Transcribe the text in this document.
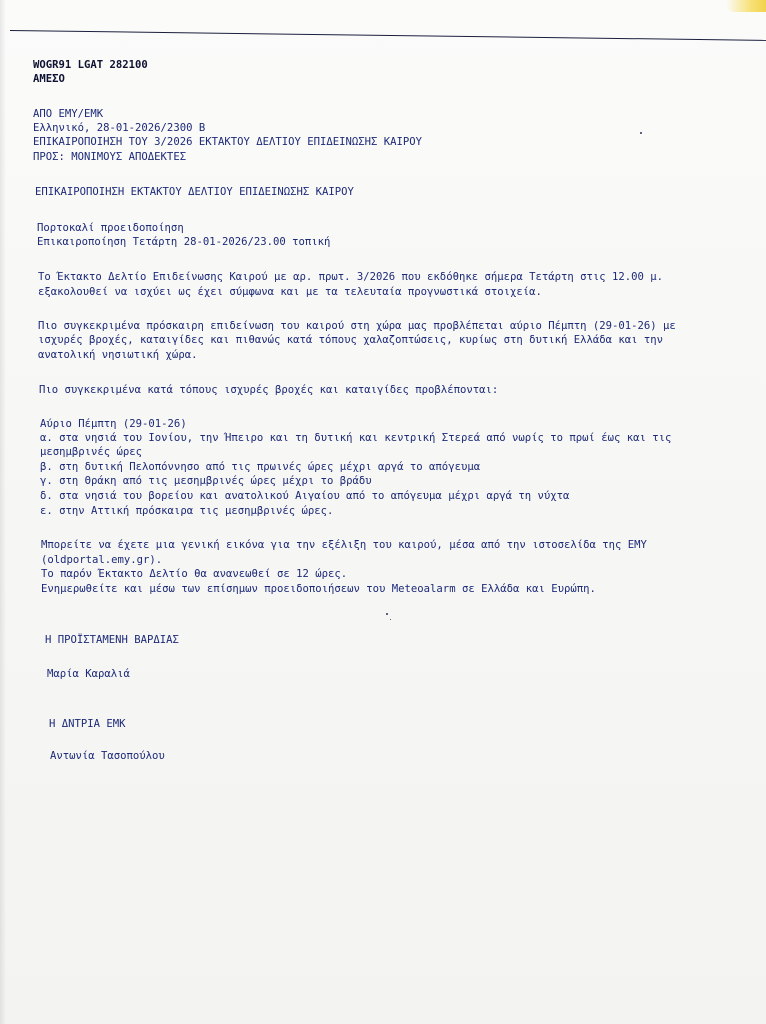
WOGR91 LGAT 282100
ΑΜΕΣΟ
ΑΠΟ ΕΜΥ/ΕΜΚ
Ελληνικό, 28-01-2026/2300 Β
ΕΠΙΚΑΙΡΟΠΟΙΗΣΗ ΤΟΥ 3/2026 ΕΚΤΑΚΤΟΥ ΔΕΛΤΙΟΥ ΕΠΙΔΕΙΝΩΣΗΣ ΚΑΙΡΟΥ
ΠΡΟΣ: ΜΟΝΙΜΟΥΣ ΑΠΟΔΕΚΤΕΣ
ΕΠΙΚΑΙΡΟΠΟΙΗΣΗ ΕΚΤΑΚΤΟΥ ΔΕΛΤΙΟΥ ΕΠΙΔΕΙΝΩΣΗΣ ΚΑΙΡΟΥ
Πορτοκαλί προειδοποίηση
Επικαιροποίηση Τετάρτη 28-01-2026/23.00 τοπική
Το Έκτακτο Δελτίο Επιδείνωσης Καιρού με αρ. πρωτ. 3/2026 που εκδόθηκε σήμερα Τετάρτη στις 12.00 μ.
εξακολουθεί να ισχύει ως έχει σύμφωνα και με τα τελευταία προγνωστικά στοιχεία.
Πιο συγκεκριμένα πρόσκαιρη επιδείνωση του καιρού στη χώρα μας προβλέπεται αύριο Πέμπτη (29-01-26) με
ισχυρές βροχές, καταιγίδες και πιθανώς κατά τόπους χαλαζοπτώσεις, κυρίως στη δυτική Ελλάδα και την
ανατολική νησιωτική χώρα.
Πιο συγκεκριμένα κατά τόπους ισχυρές βροχές και καταιγίδες προβλέπονται:
Αύριο Πέμπτη (29-01-26)
α. στα νησιά του Ιονίου, την Ήπειρο και τη δυτική και κεντρική Στερεά από νωρίς το πρωί έως και τις
μεσημβρινές ώρες
β. στη δυτική Πελοπόννησο από τις πρωινές ώρες μέχρι αργά το απόγευμα
γ. στη Θράκη από τις μεσημβρινές ώρες μέχρι το βράδυ
δ. στα νησιά του βορείου και ανατολικού Αιγαίου από το απόγευμα μέχρι αργά τη νύχτα
ε. στην Αττική πρόσκαιρα τις μεσημβρινές ώρες.
Μπορείτε να έχετε μια γενική εικόνα για την εξέλιξη του καιρού, μέσα από την ιστοσελίδα της ΕΜΥ
(oldportal.emy.gr).
Το παρόν Έκτακτο Δελτίο θα ανανεωθεί σε 12 ώρες.
Ενημερωθείτε και μέσω των επίσημων προειδοποιήσεων του Meteoalarm σε Ελλάδα και Ευρώπη.
Η ΠΡΟΪΣΤΑΜΕΝΗ ΒΑΡΔΙΑΣ
Μαρία Καραλιά
Η ΔΝΤΡΙΑ ΕΜΚ
Αντωνία Τασοπούλου
